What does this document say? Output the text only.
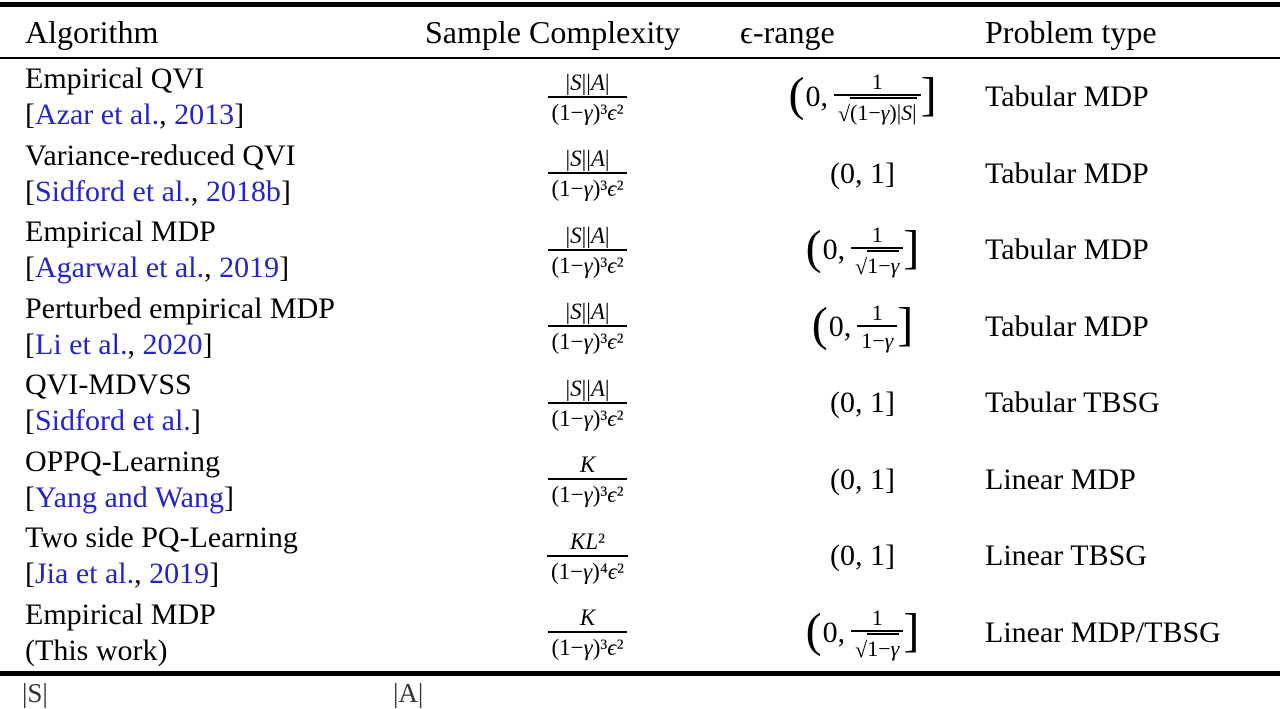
Algorithm	Sample Complexity	ϵ-range	Problem type
Empirical QVI
[Azar et al., 2013]	$\frac{|S||A|}{\text{(1−γ)³ϵ²}}$	( 0, $\frac{1}{√(1-\gamma)|S|}$ ] Tabular MDP
Variance-reduced QVI
[Sidford et al., 2018b]	$\frac{|S||A|}{\text{(1−γ)³ϵ²}}$	(0, 1]	Tabular MDP
Empirical MDP
[Agarwal et al., 2019]	$\frac{|S||A|}{\text{(1−γ)³ϵ²}}$	( 0, $\frac{1}{√1-\gamma}$ ] Tabular MDP
Perturbed empirical MDP
[Li et al., 2020]	$\frac{|S||A|}{\text{(1−γ)³ϵ²}}$	( 0, $\frac{1}{1-\gamma}$ ] Tabular MDP
QVI-MDVSS
[Sidford et al.]	$\frac{|S||A|}{\text{(1−γ)³ϵ²}}$	(0, 1]	Tabular TBSG
OPPQ-Learning
[Yang and Wang]	$\frac{K}{\text{(1−γ)³ϵ²}}$	(0, 1]	Linear MDP
Two side PQ-Learning
[Jia et al., 2019]	$\frac{\text{KL²}}{\text{(1−γ)⁴ϵ²}}$	(0, 1]	Linear TBSG
Empirical MDP
(This work)	$\frac{K}{\text{(1−γ)³ϵ²}}$	( 0, $\frac{1}{√1-\gamma}$ ] Linear MDP/TBSG
|S|	|A|
